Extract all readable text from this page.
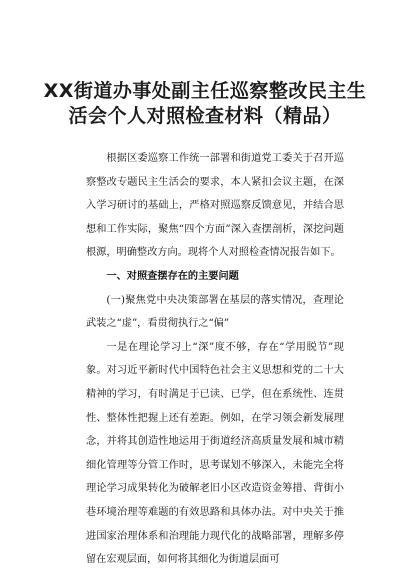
XX街道办事处副主任巡察整改民主生
活会个人对照检查材料（精品）

根据区委巡察工作统一部署和街道党工委关于召开巡察整改专题民主生活会的要求，本人紧扣会议主题，在深入学习研讨的基础上，严格对照巡察反馈意见，并结合思想和工作实际，聚焦“四个方面”深入查摆剖析，深挖问题根源，明确整改方向。现将个人对照检查情况报告如下。

一、对照查摆存在的主要问题

(一)聚焦党中央决策部署在基层的落实情况，查理论武装之“虚”，看贯彻执行之“偏”

一是在理论学习上“深”度不够，存在“学用脱节”现象。对习近平新时代中国特色社会主义思想和党的二十大精神的学习，有时满足于已读、已学，但在系统性、连贯性、整体性把握上还有差距。例如，在学习领会新发展理念，并将其创造性地运用于街道经济高质量发展和城市精细化管理等分管工作时，思考谋划不够深入，未能完全将理论学习成果转化为破解老旧小区改造资金筹措、背街小巷环境治理等难题的有效思路和具体办法。对中央关于推进国家治理体系和治理能力现代化的战略部署，理解多停留在宏观层面，如何将其细化为街道层面可
